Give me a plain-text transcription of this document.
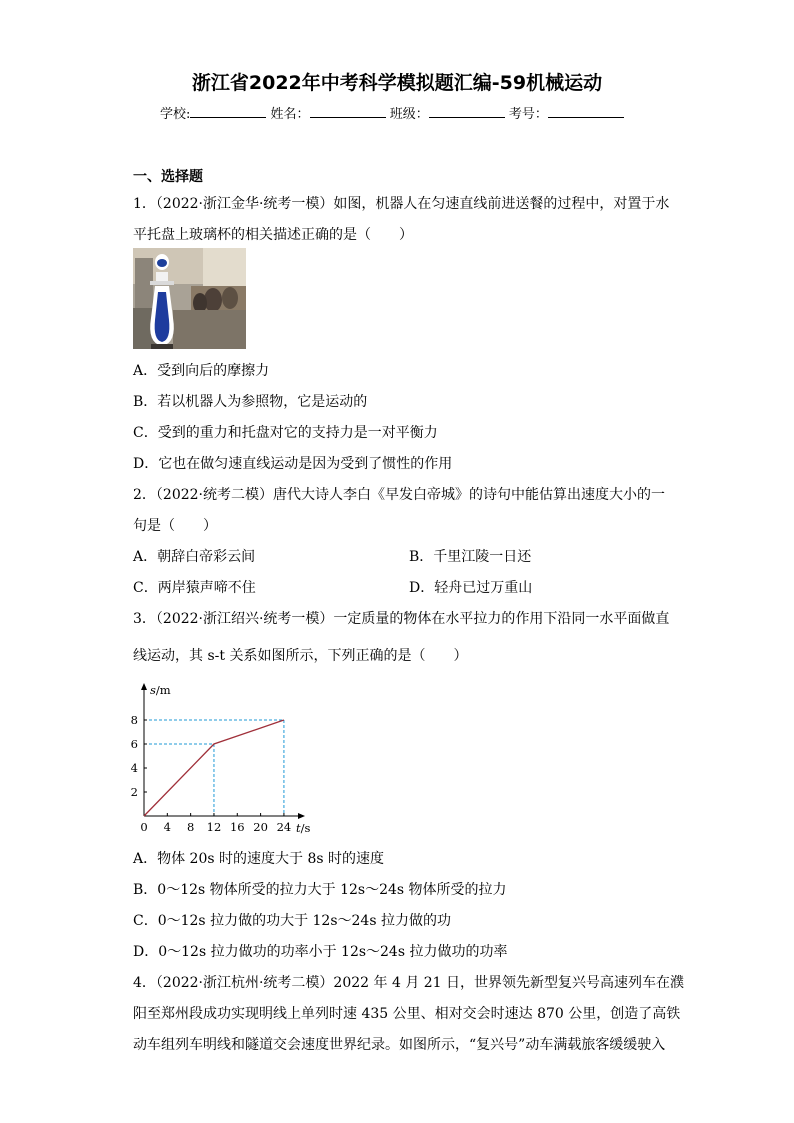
浙江省2022年中考科学模拟题汇编-59机械运动
学校:	姓名：	班级：	考号：
一、选择题
1．（2022·浙江金华·统考一模）如图，机器人在匀速直线前进送餐的过程中，对置于水
平托盘上玻璃杯的相关描述正确的是（　　）
A．受到向后的摩擦力
B．若以机器人为参照物，它是运动的
C．受到的重力和托盘对它的支持力是一对平衡力
D．它也在做匀速直线运动是因为受到了惯性的作用
2．（2022·统考二模）唐代大诗人李白《早发白帝城》的诗句中能估算出速度大小的一
句是（　　）
A．朝辞白帝彩云间	B．千里江陵一日还
C．两岸猿声啼不住	D．轻舟已过万重山
3．（2022·浙江绍兴·统考一模）一定质量的物体在水平拉力的作用下沿同一水平面做直
线运动，其 s-t 关系如图所示，下列正确的是（　　）
0 4 8 12 16 20 24
2
4
6
8
s/m
t/s
A．物体 20s 时的速度大于 8s 时的速度
B．0～12s 物体所受的拉力大于 12s～24s 物体所受的拉力
C．0～12s 拉力做的功大于 12s～24s 拉力做的功
D．0～12s 拉力做功的功率小于 12s～24s 拉力做功的功率
4．（2022·浙江杭州·统考二模）2022 年 4 月 21 日，世界领先新型复兴号高速列车在濮
阳至郑州段成功实现明线上单列时速 435 公里、相对交会时速达 870 公里，创造了高铁
动车组列车明线和隧道交会速度世界纪录。如图所示，“复兴号”动车满载旅客缓缓驶入
